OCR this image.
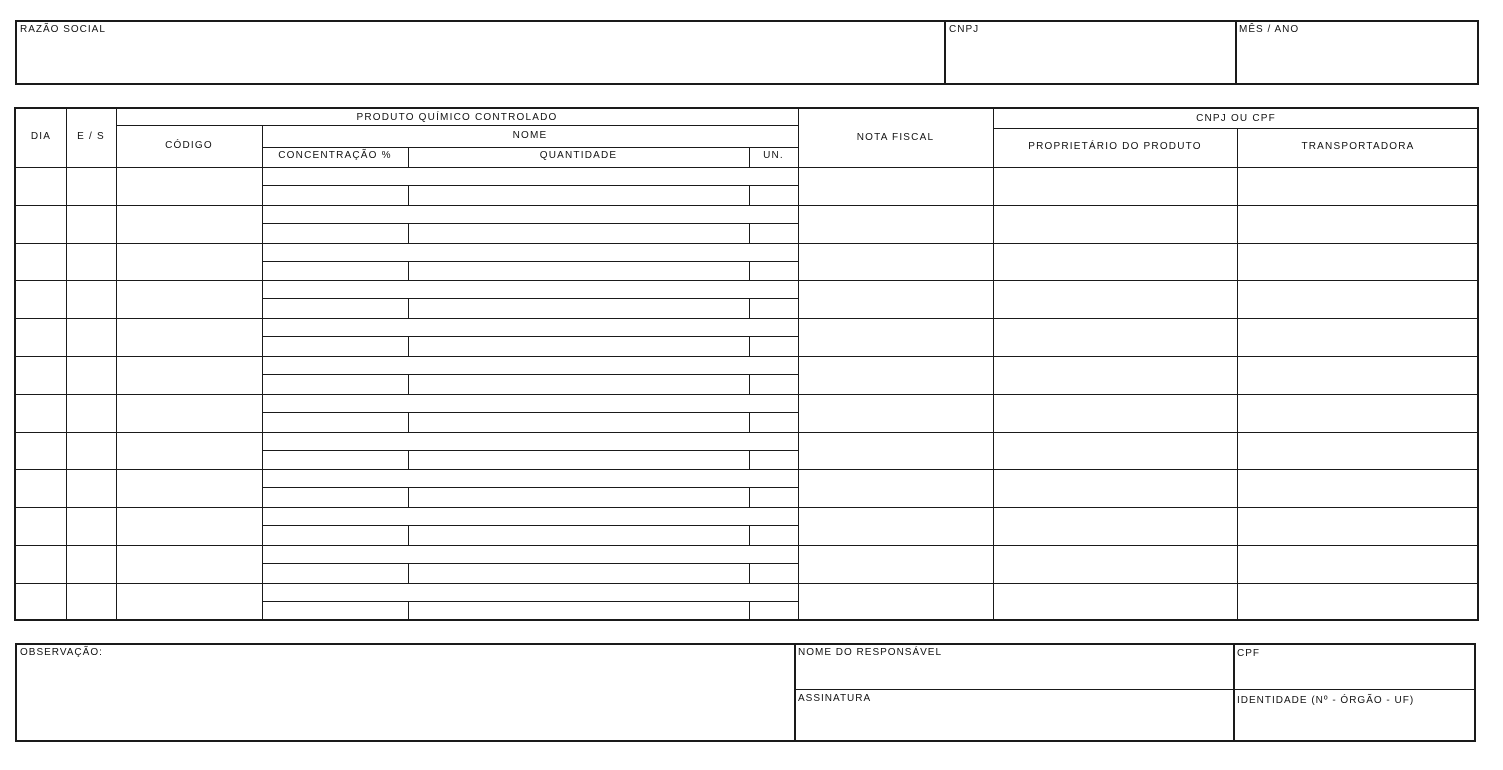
RAZÃO SOCIAL	CNPJ	MÊS / ANO
DIA	E / S
PRODUTO QUÍMICO CONTROLADO
CÓDIGO
NOME
CONCENTRAÇÃO %	QUANTIDADE	UN.
NOTA FISCAL
CNPJ OU CPF
PROPRIETÁRIO DO PRODUTO	TRANSPORTADORA
OBSERVAÇÃO:	NOME DO RESPONSÁVEL	CPF
ASSINATURA	IDENTIDADE (Nº - ÓRGÃO - UF)
